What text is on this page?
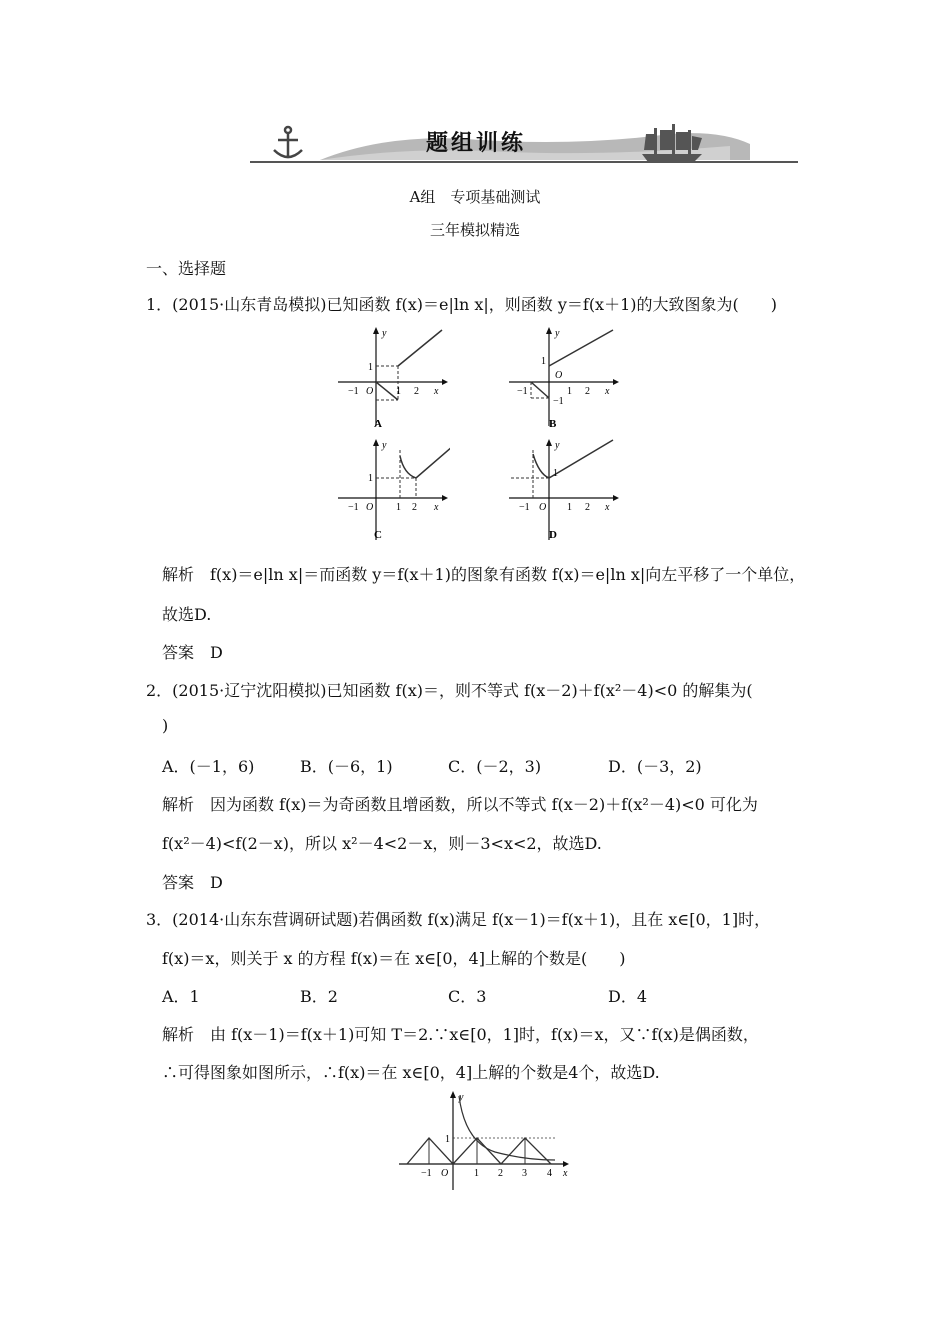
题组训练
A组　专项基础测试
三年模拟精选
一、选择题
1．(2015·山东青岛模拟)已知函数 f(x)＝e|ln x|，则函数 y＝f(x＋1)的大致图象为(　　)
y
x
1
−1 O 1 2
A
y
x
1
O
−1
−1
1 2
B
y
x
1
−1 O 1 2
C
y
x
1
−1 O 1 2
D
解析　f(x)＝e|ln x|＝而函数 y＝f(x＋1)的图象有函数 f(x)＝e|ln x|向左平移了一个单位，
故选D.
答案　D
2．(2015·辽宁沈阳模拟)已知函数 f(x)＝，则不等式 f(x－2)＋f(x²－4)<0 的解集为(
)
A．(－1，6)	B．(－6，1)	C．(－2，3)	D．(－3，2)
解析　因为函数 f(x)＝为奇函数且增函数，所以不等式 f(x－2)＋f(x²－4)<0 可化为
f(x²－4)<f(2－x)，所以 x²－4<2－x，则－3<x<2，故选D.
答案　D
3．(2014·山东东营调研试题)若偶函数 f(x)满足 f(x－1)＝f(x＋1)，且在 x∈[0，1]时，
f(x)＝x，则关于 x 的方程 f(x)＝在 x∈[0，4]上解的个数是(　　)
A．1	B．2	C．3	D．4
解析　由 f(x－1)＝f(x＋1)可知 T＝2.∵x∈[0，1]时，f(x)＝x，又∵f(x)是偶函数，
∴可得图象如图所示，∴f(x)＝在 x∈[0，4]上解的个数是4个，故选D.
y
x
1
−1 O	1 2 3 4
